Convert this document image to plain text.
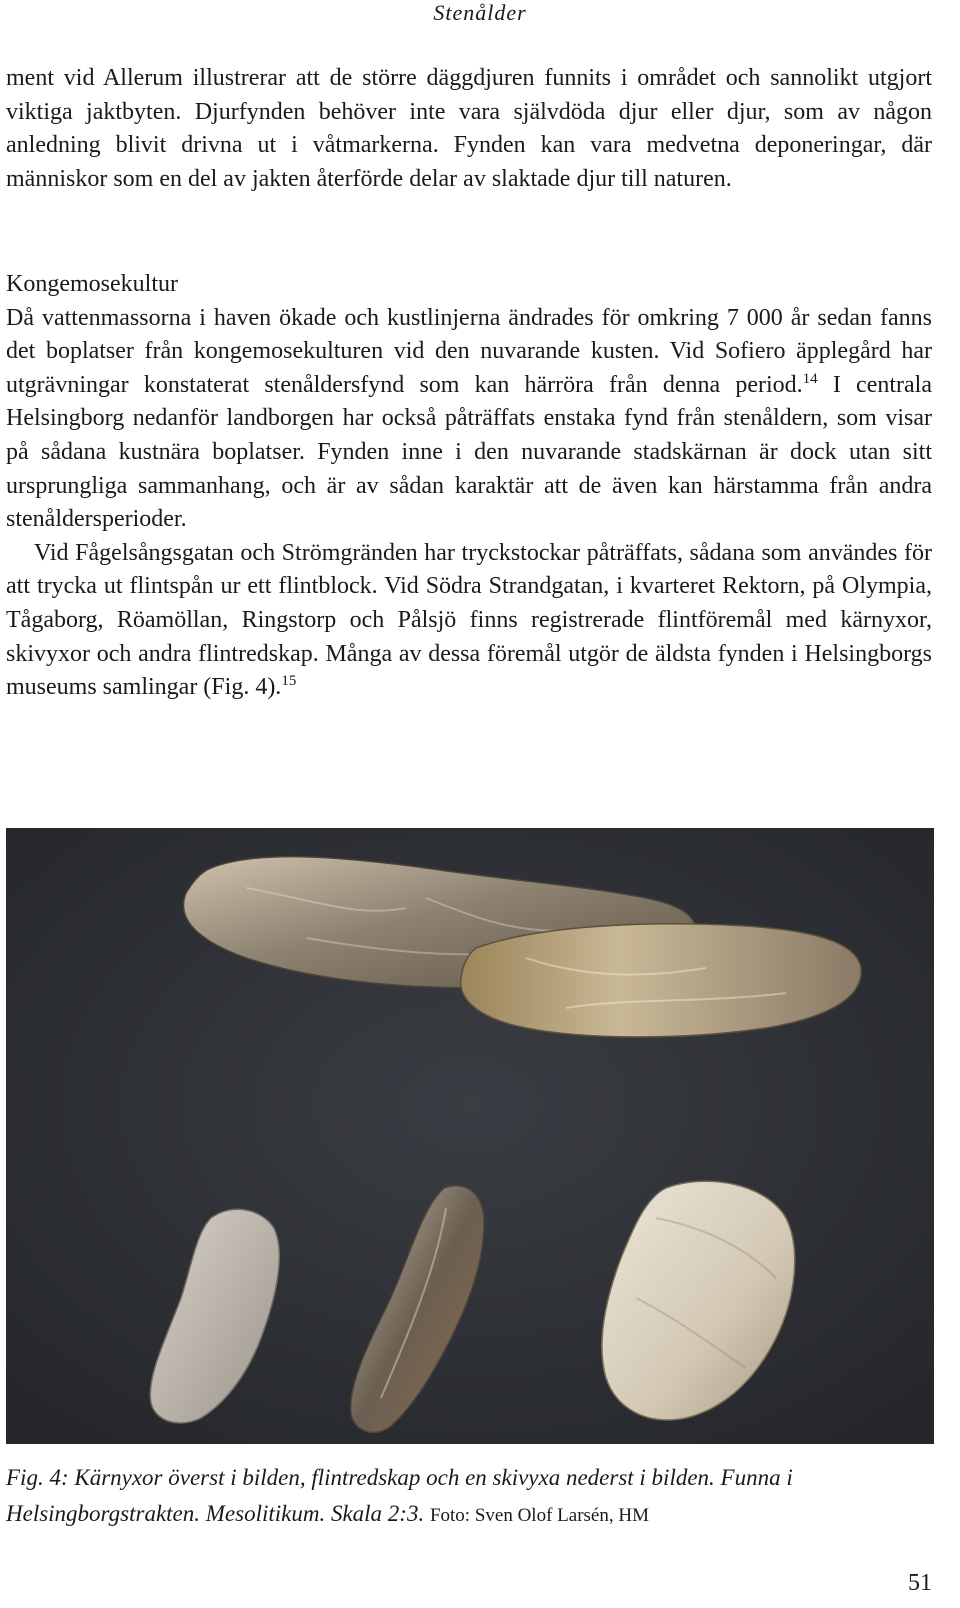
Stenålder

ment vid Allerum illustrerar att de större däggdjuren funnits i området och sannolikt utgjort viktiga jaktbyten. Djurfynden behöver inte vara självdöda djur eller djur, som av någon anledning blivit drivna ut i våtmarkerna. Fynden kan vara medvetna deponeringar, där människor som en del av jakten återförde delar av slaktade djur till naturen.

Kongemosekultur

Då vattenmassorna i haven ökade och kustlinjerna ändrades för omkring 7 000 år sedan fanns det boplatser från kongemosekulturen vid den nuvarande kusten. Vid Sofiero äpplegård har utgrävningar konstaterat stenåldersfynd som kan härröra från denna period.$^{14}$ I centrala Helsingborg nedanför landborgen har också påträffats enstaka fynd från stenåldern, som visar på sådana kustnära boplatser. Fynden inne i den nuvarande stadskärnan är dock utan sitt ursprungliga sammanhang, och är av sådan karaktär att de även kan härstamma från andra stenåldersperioder.

Vid Fågelsångsgatan och Strömgränden har tryckstockar påträffats, sådana som användes för att trycka ut flintspån ur ett flintblock. Vid Södra Strandgatan, i kvarteret Rektorn, på Olympia, Tågaborg, Röamöllan, Ringstorp och Pålsjö finns registrerade flintföremål med kärnyxor, skivyxor och andra flintredskap. Många av dessa föremål utgör de äldsta fynden i Helsingborgs museums samlingar (Fig. 4).$^{15}$

Fig. 4: Kärnyxor överst i bilden, flintredskap och en skivyxa nederst i bilden. Funna i Helsingborgstrakten. Mesolitikum. Skala 2:3. Foto: Sven Olof Larsén, HM
51
